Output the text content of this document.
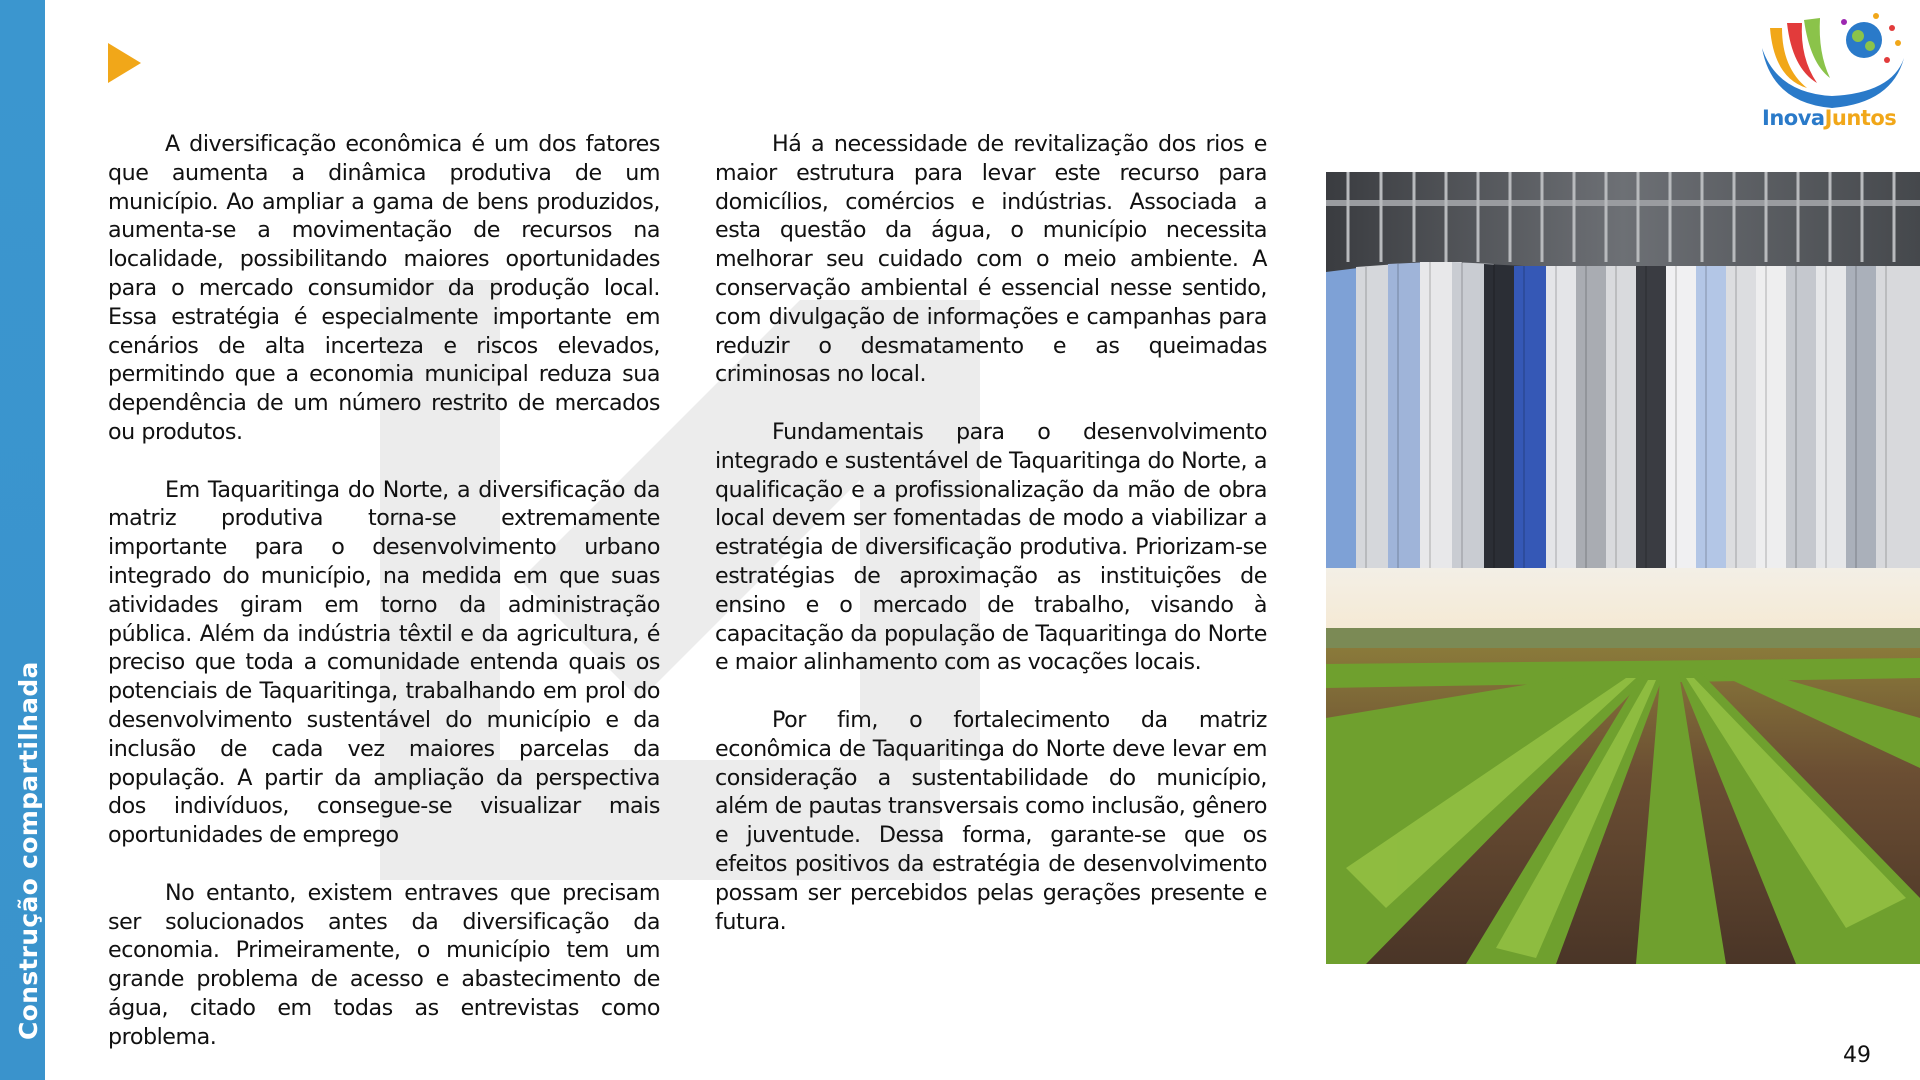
Construção compartilhada

A diversificação econômica é um dos fatores que aumenta a dinâmica produtiva de um município. Ao ampliar a gama de bens produzidos, aumenta-se a movimentação de recursos na localidade, possibilitando maiores oportunidades para o mercado consumidor da produção local. Essa estratégia é especialmente importante em cenários de alta incerteza e riscos elevados, permitindo que a economia municipal reduza sua dependência de um número restrito de mercados ou produtos.

Em Taquaritinga do Norte, a diversificação da matriz produtiva torna-se extremamente importante para o desenvolvimento urbano integrado do município, na medida em que suas atividades giram em torno da administração pública. Além da indústria têxtil e da agricultura, é preciso que toda a comunidade entenda quais os potenciais de Taquaritinga, trabalhando em prol do desenvolvimento sustentável do município e da inclusão de cada vez maiores parcelas da população. A partir da ampliação da perspectiva dos indivíduos, consegue-se visualizar mais oportunidades de emprego

No entanto, existem entraves que precisam ser solucionados antes da diversificação da economia. Primeiramente, o município tem um grande problema de acesso e abastecimento de água, citado em todas as entrevistas como problema.

Há a necessidade de revitalização dos rios e maior estrutura para levar este recurso para domicílios, comércios e indústrias. Associada a esta questão da água, o município necessita melhorar seu cuidado com o meio ambiente. A conservação ambiental é essencial nesse sentido, com divulgação de informações e campanhas para reduzir o desmatamento e as queimadas criminosas no local.

Fundamentais para o desenvolvimento integrado e sustentável de Taquaritinga do Norte, a qualificação e a profissionalização da mão de obra local devem ser fomentadas de modo a viabilizar a estratégia de diversificação produtiva. Priorizam-se estratégias de aproximação as instituições de ensino e o mercado de trabalho, visando à capacitação da população de Taquaritinga do Norte e maior alinhamento com as vocações locais.

Por fim, o fortalecimento da matriz econômica de Taquaritinga do Norte deve levar em consideração a sustentabilidade do município, além de pautas transversais como inclusão, gênero e juventude. Dessa forma, garante-se que os efeitos positivos da estratégia de desenvolvimento possam ser percebidos pelas gerações presente e futura.

InovaJuntos
49
